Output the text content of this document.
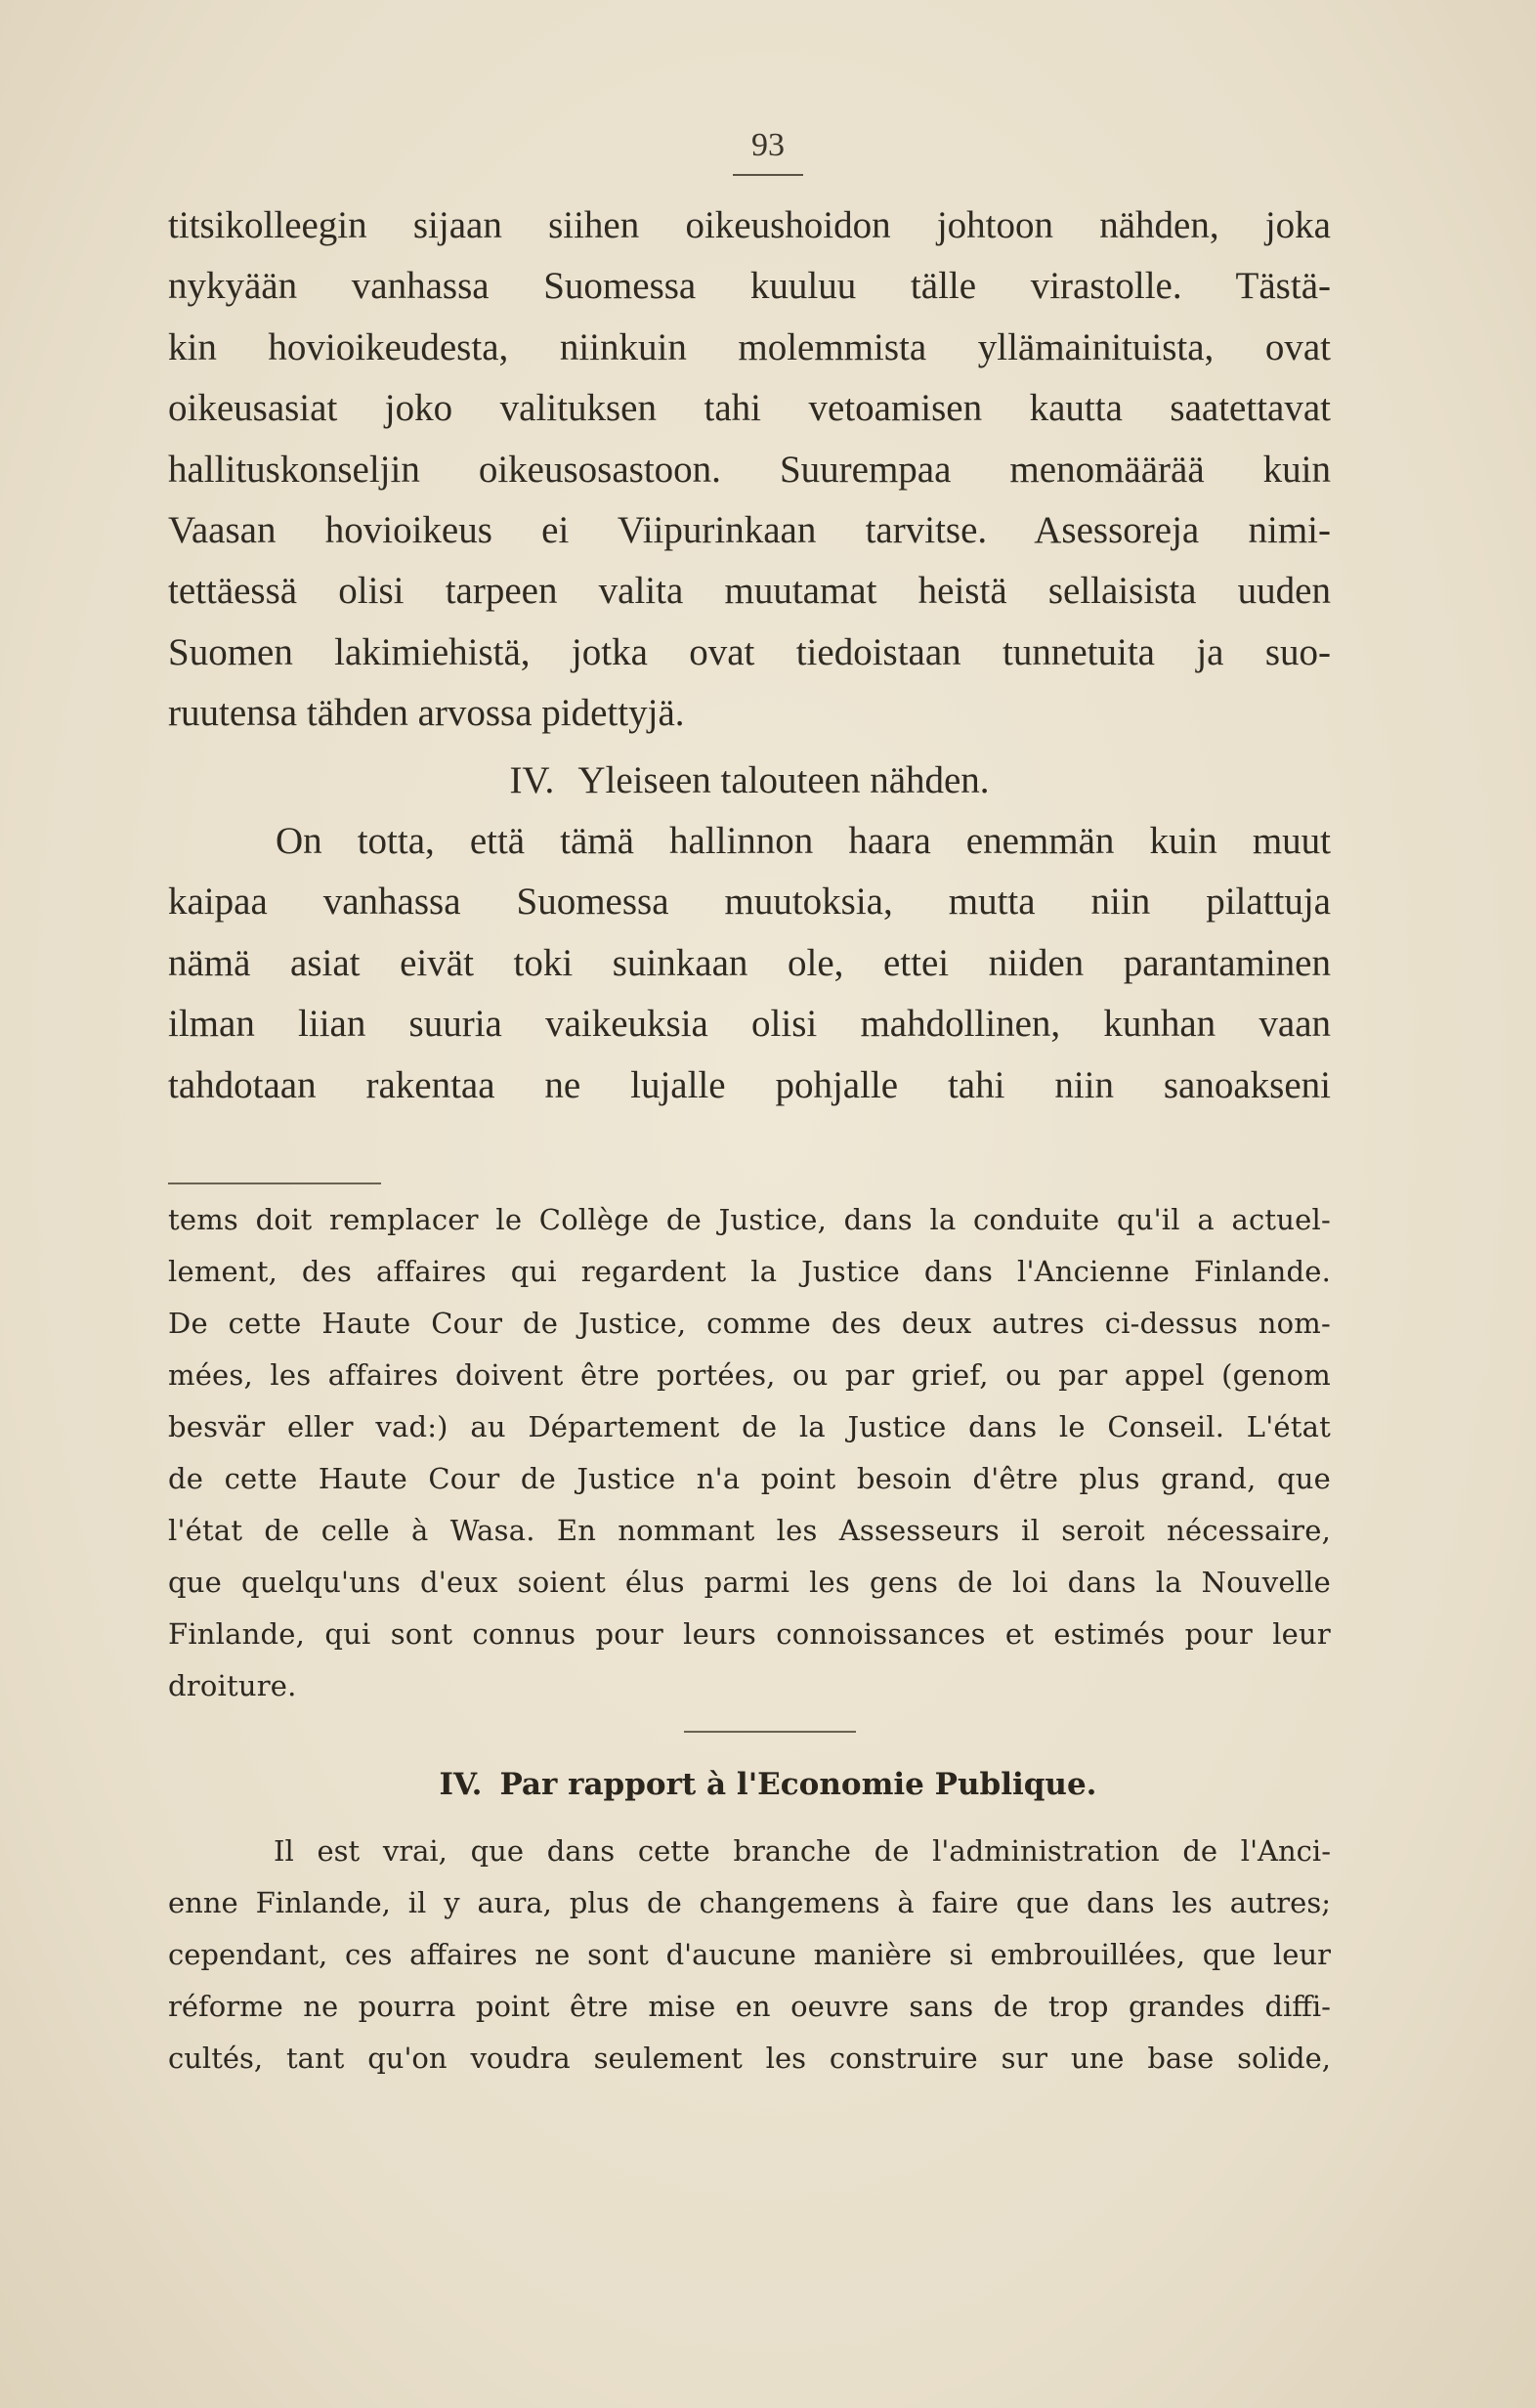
93

titsikolleegin sijaan siihen oikeushoidon johtoon nähden, joka
nykyään vanhassa Suomessa kuuluu tälle virastolle. Tästä-
kin hovioikeudesta, niinkuin molemmista yllämainituista, ovat
oikeusasiat joko valituksen tahi vetoamisen kautta saatettavat
hallituskonseljin oikeusosastoon. Suurempaa menomäärää kuin
Vaasan hovioikeus ei Viipurinkaan tarvitse. Asessoreja nimi-
tettäessä olisi tarpeen valita muutamat heistä sellaisista uuden
Suomen lakimiehistä, jotka ovat tiedoistaan tunnetuita ja suo-
ruutensa tähden arvossa pidettyjä.

IV. Yleiseen talouteen nähden.

On totta, että tämä hallinnon haara enemmän kuin muut
kaipaa vanhassa Suomessa muutoksia, mutta niin pilattuja
nämä asiat eivät toki suinkaan ole, ettei niiden parantaminen
ilman liian suuria vaikeuksia olisi mahdollinen, kunhan vaan
tahdotaan rakentaa ne lujalle pohjalle tahi niin sanoakseni

tems doit remplacer le Collège de Justice, dans la conduite qu'il a actuel-
lement, des affaires qui regardent la Justice dans l'Ancienne Finlande.
De cette Haute Cour de Justice, comme des deux autres ci-dessus nom-
mées, les affaires doivent être portées, ou par grief, ou par appel (genom
besvär eller vad:) au Département de la Justice dans le Conseil. L'état
de cette Haute Cour de Justice n'a point besoin d'être plus grand, que
l'état de celle à Wasa. En nommant les Assesseurs il seroit nécessaire,
que quelqu'uns d'eux soient élus parmi les gens de loi dans la Nouvelle
Finlande, qui sont connus pour leurs connoissances et estimés pour leur
droiture.

IV. Par rapport à l'Economie Publique.

Il est vrai, que dans cette branche de l'administration de l'Anci-
enne Finlande, il y aura, plus de changemens à faire que dans les autres;
cependant, ces affaires ne sont d'aucune manière si embrouillées, que leur
réforme ne pourra point être mise en oeuvre sans de trop grandes diffi-
cultés, tant qu'on voudra seulement les construire sur une base solide,
